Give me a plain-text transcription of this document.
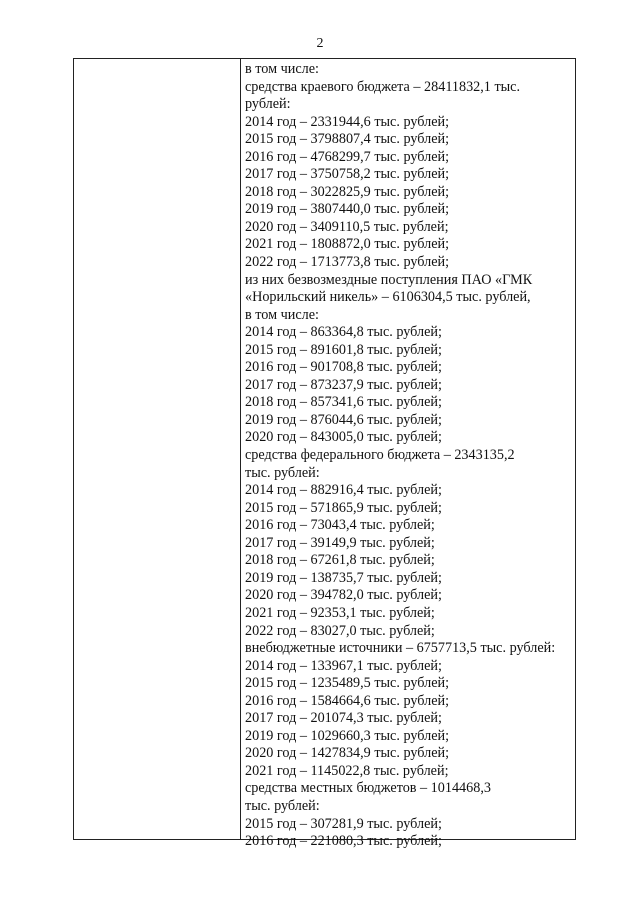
2
в том числе:
средства краевого бюджета – 28411832,1 тыс.
рублей:
2014 год – 2331944,6 тыс. рублей;
2015 год – 3798807,4 тыс. рублей;
2016 год – 4768299,7 тыс. рублей;
2017 год – 3750758,2 тыс. рублей;
2018 год – 3022825,9 тыс. рублей;
2019 год – 3807440,0 тыс. рублей;
2020 год – 3409110,5 тыс. рублей;
2021 год – 1808872,0 тыс. рублей;
2022 год – 1713773,8 тыс. рублей;
из них безвозмездные поступления ПАО «ГМК
«Норильский никель» – 6106304,5 тыс. рублей,
в том числе:
2014 год – 863364,8 тыс. рублей;
2015 год – 891601,8 тыс. рублей;
2016 год – 901708,8 тыс. рублей;
2017 год – 873237,9 тыс. рублей;
2018 год – 857341,6 тыс. рублей;
2019 год – 876044,6 тыс. рублей;
2020 год – 843005,0 тыс. рублей;
средства федерального бюджета – 2343135,2
тыс. рублей:
2014 год – 882916,4 тыс. рублей;
2015 год – 571865,9 тыс. рублей;
2016 год – 73043,4 тыс. рублей;
2017 год – 39149,9 тыс. рублей;
2018 год – 67261,8 тыс. рублей;
2019 год – 138735,7 тыс. рублей;
2020 год – 394782,0 тыс. рублей;
2021 год – 92353,1 тыс. рублей;
2022 год – 83027,0 тыс. рублей;
внебюджетные источники – 6757713,5 тыс. рублей:
2014 год – 133967,1 тыс. рублей;
2015 год – 1235489,5 тыс. рублей;
2016 год – 1584664,6 тыс. рублей;
2017 год – 201074,3 тыс. рублей;
2019 год – 1029660,3 тыс. рублей;
2020 год – 1427834,9 тыс. рублей;
2021 год – 1145022,8 тыс. рублей;
средства местных бюджетов – 1014468,3
тыс. рублей:
2015 год – 307281,9 тыс. рублей;
2016 год – 221080,3 тыс. рублей;
